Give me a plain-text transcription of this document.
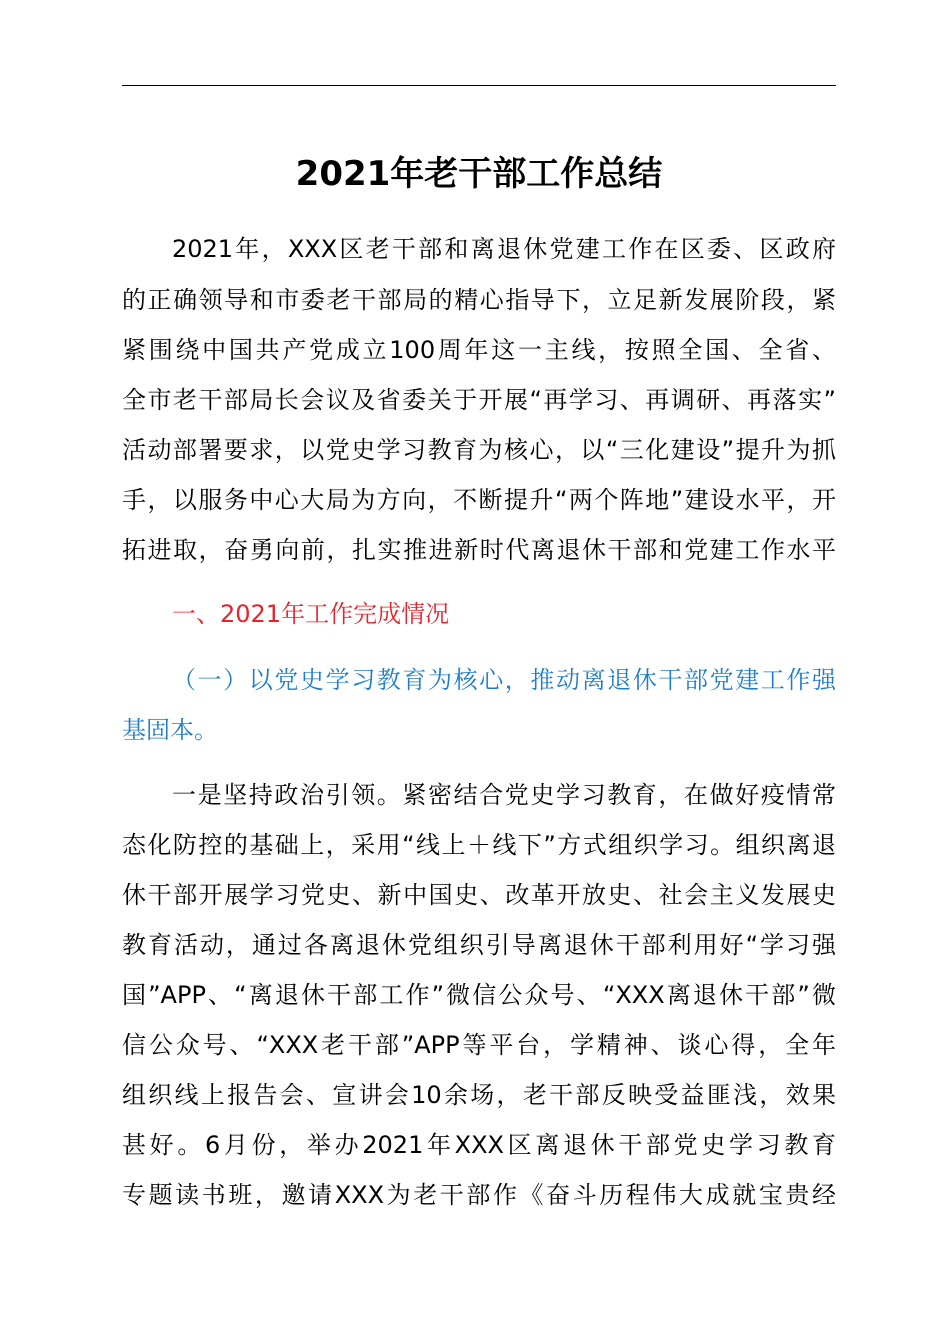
2021年老干部工作总结

2021年，XXX区老干部和离退休党建工作在区委、区政府

的正确领导和市委老干部局的精心指导下，立足新发展阶段，紧

紧围绕中国共产党成立100周年这一主线，按照全国、全省、

全市老干部局长会议及省委关于开展“再学习、再调研、再落实”

活动部署要求，以党史学习教育为核心，以“三化建设”提升为抓

手，以服务中心大局为方向，不断提升“两个阵地”建设水平，开

拓进取，奋勇向前，扎实推进新时代离退休干部和党建工作水平

一、2021年工作完成情况

（一）以党史学习教育为核心，推动离退休干部党建工作强

基固本。

一是坚持政治引领。紧密结合党史学习教育，在做好疫情常

态化防控的基础上，采用“线上＋线下”方式组织学习。组织离退

休干部开展学习党史、新中国史、改革开放史、社会主义发展史

教育活动，通过各离退休党组织引导离退休干部利用好“学习强

国”APP、“离退休干部工作”微信公众号、“XXX离退休干部”微

信公众号、“XXX老干部”APP等平台，学精神、谈心得，全年

组织线上报告会、宣讲会10余场，老干部反映受益匪浅，效果

甚好。6月份，举办2021年XXX区离退休干部党史学习教育

专题读书班，邀请XXX为老干部作《奋斗历程伟大成就宝贵经
